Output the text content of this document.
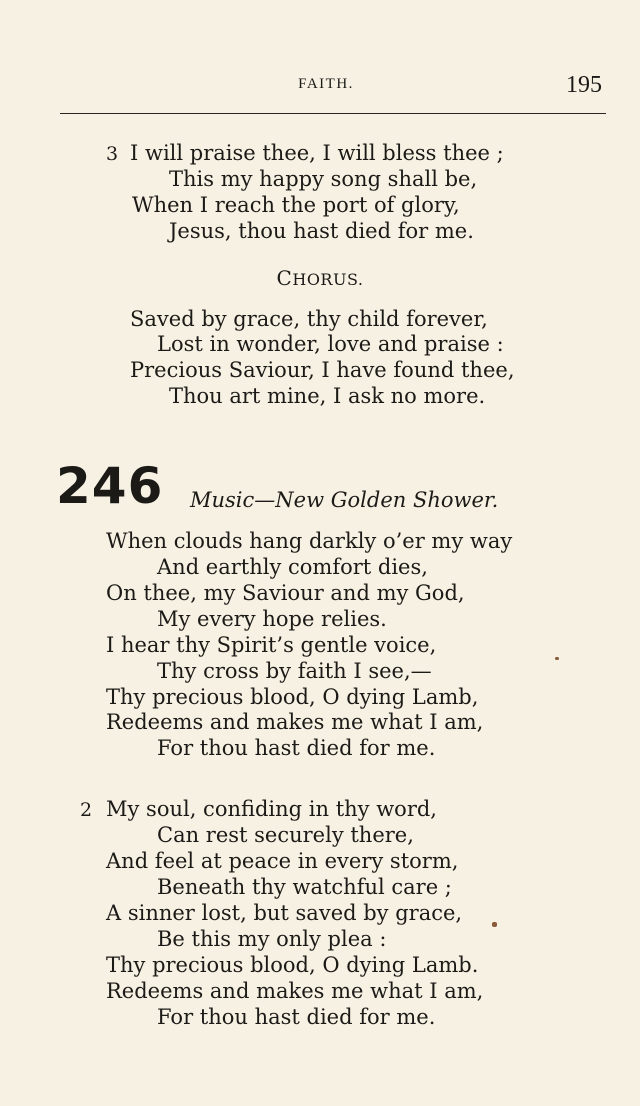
FAITH.	195
3 I will praise thee, I will bless thee ;
This my happy song shall be,
When I reach the port of glory,
Jesus, thou hast died for me.
CHORUS.
Saved by grace, thy child forever,
Lost in wonder, love and praise :
Precious Saviour, I have found thee,
Thou art mine, I ask no more.
246 Music—New Golden Shower.
When clouds hang darkly o’er my way
And earthly comfort dies,
On thee, my Saviour and my God,
My every hope relies.
I hear thy Spirit’s gentle voice,
Thy cross by faith I see,—
Thy precious blood, O dying Lamb,
Redeems and makes me what I am,
For thou hast died for me.
2 My soul, confiding in thy word,
Can rest securely there,
And feel at peace in every storm,
Beneath thy watchful care ;
A sinner lost, but saved by grace,
Be this my only plea :
Thy precious blood, O dying Lamb.
Redeems and makes me what I am,
For thou hast died for me.
